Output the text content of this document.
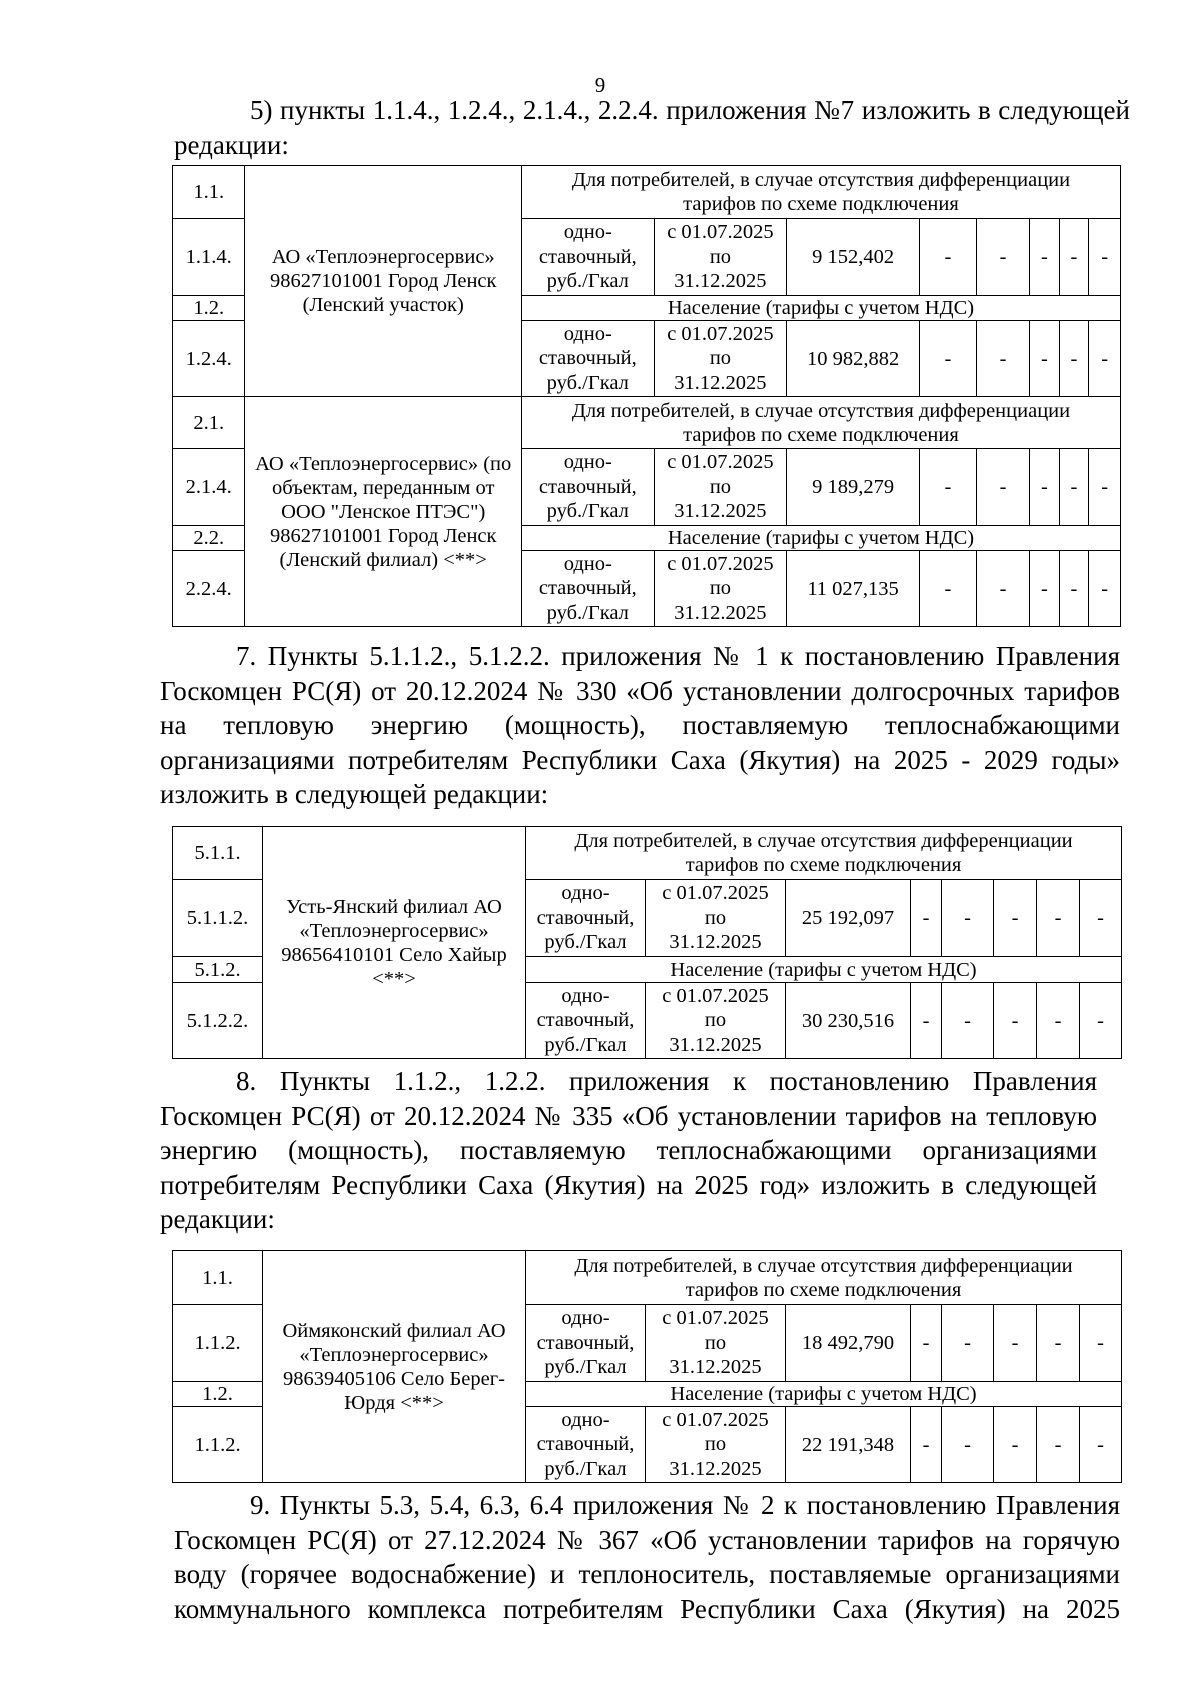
9

5) пункты 1.1.4., 1.2.4., 2.1.4., 2.2.4. приложения №7 изложить в следующей редакции:

1.1.	АО «Теплоэнергосервис» 98627101001 Город Ленск (Ленский участок)	Для потребителей, в случае отсутствия дифференциации тарифов по схеме подключения							
1.1.4.		одно-ставочный, руб./Гкал	с 01.07.2025 по 31.12.2025	9 152,402	-	-	-	-	-
1.2.		Население (тарифы с учетом НДС)							
1.2.4.		одно-ставочный, руб./Гкал	с 01.07.2025 по 31.12.2025	10 982,882	-	-	-	-	-
2.1.	АО «Теплоэнергосервис» (по объектам, переданным от ООО "Ленское ПТЭС") 98627101001 Город Ленск (Ленский филиал) <**>	Для потребителей, в случае отсутствия дифференциации тарифов по схеме подключения							
2.1.4.		одно-ставочный, руб./Гкал	с 01.07.2025 по 31.12.2025	9 189,279	-	-	-	-	-
2.2.		Население (тарифы с учетом НДС)							
2.2.4.		одно-ставочный, руб./Гкал	с 01.07.2025 по 31.12.2025	11 027,135	-	-	-	-	-

7. Пункты 5.1.1.2., 5.1.2.2. приложения № 1 к постановлению Правления Госкомцен РС(Я) от 20.12.2024 № 330 «Об установлении долгосрочных тарифов на тепловую энергию (мощность), поставляемую теплоснабжающими организациями потребителям Республики Саха (Якутия) на 2025 - 2029 годы» изложить в следующей редакции:

5.1.1.	Усть-Янский филиал АО «Теплоэнергосервис» 98656410101 Село Хайыр <**>	Для потребителей, в случае отсутствия дифференциации тарифов по схеме подключения							
5.1.1.2.		одно-ставочный, руб./Гкал	с 01.07.2025 по 31.12.2025	25 192,097	-	-	-	-	-
5.1.2.		Население (тарифы с учетом НДС)							
5.1.2.2.		одно-ставочный, руб./Гкал	с 01.07.2025 по 31.12.2025	30 230,516	-	-	-	-	-

8. Пункты 1.1.2., 1.2.2. приложения к постановлению Правления Госкомцен РС(Я) от 20.12.2024 № 335 «Об установлении тарифов на тепловую энергию (мощность), поставляемую теплоснабжающими организациями потребителям Республики Саха (Якутия) на 2025 год» изложить в следующей редакции:

1.1.	Оймяконский филиал АО «Теплоэнергосервис» 98639405106 Село Берег-Юрдя <**>	Для потребителей, в случае отсутствия дифференциации тарифов по схеме подключения							
1.1.2.		одно-ставочный, руб./Гкал	с 01.07.2025 по 31.12.2025	18 492,790	-	-	-	-	-
1.2.		Население (тарифы с учетом НДС)							
1.1.2.		одно-ставочный, руб./Гкал	с 01.07.2025 по 31.12.2025	22 191,348	-	-	-	-	-

9. Пункты 5.3, 5.4, 6.3, 6.4 приложения № 2 к постановлению Правления Госкомцен РС(Я) от 27.12.2024 № 367 «Об установлении тарифов на горячую воду (горячее водоснабжение) и теплоноситель, поставляемые организациями коммунального комплекса потребителям Республики Саха (Якутия) на 2025
